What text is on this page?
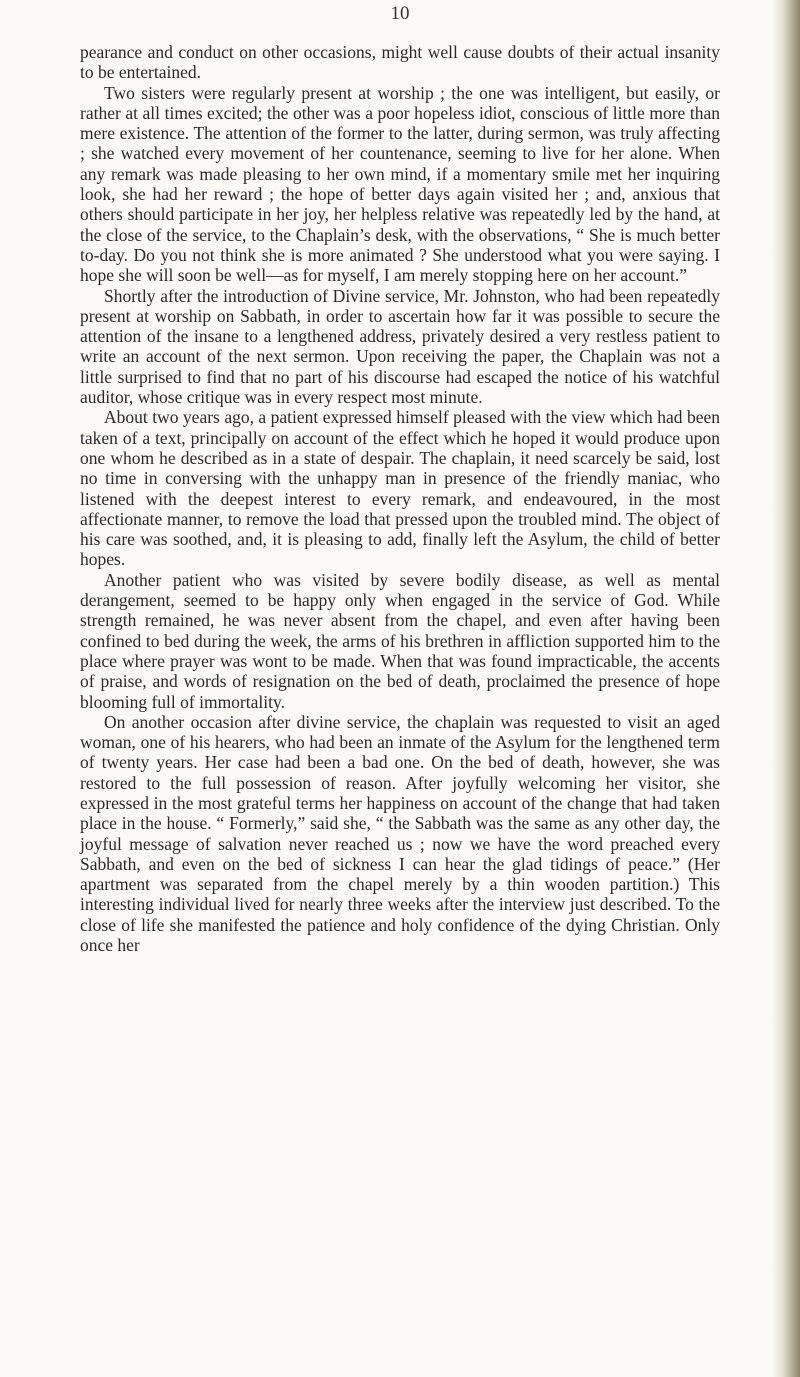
10

pearance and conduct on other occasions, might well cause doubts of their actual insanity to be entertained.

Two sisters were regularly present at worship ; the one was intelligent, but easily, or rather at all times excited; the other was a poor hopeless idiot, conscious of little more than mere existence. The attention of the former to the latter, during sermon, was truly affecting ; she watched every movement of her countenance, seeming to live for her alone. When any remark was made pleasing to her own mind, if a momentary smile met her inquiring look, she had her reward ; the hope of better days again visited her ; and, anxious that others should participate in her joy, her helpless relative was repeatedly led by the hand, at the close of the service, to the Chaplain’s desk, with the observations, “ She is much better to-day. Do you not think she is more animated ? She understood what you were saying. I hope she will soon be well—as for myself, I am merely stopping here on her account.”

Shortly after the introduction of Divine service, Mr. Johnston, who had been repeatedly present at worship on Sabbath, in order to ascertain how far it was possible to secure the attention of the insane to a lengthened address, privately desired a very restless patient to write an account of the next sermon. Upon receiving the paper, the Chaplain was not a little surprised to find that no part of his discourse had escaped the notice of his watchful auditor, whose critique was in every respect most minute.

About two years ago, a patient expressed himself pleased with the view which had been taken of a text, principally on account of the effect which he hoped it would produce upon one whom he described as in a state of despair. The chaplain, it need scarcely be said, lost no time in conversing with the unhappy man in presence of the friendly maniac, who listened with the deepest interest to every remark, and endeavoured, in the most affectionate manner, to remove the load that pressed upon the troubled mind. The object of his care was soothed, and, it is pleasing to add, finally left the Asylum, the child of better hopes.

Another patient who was visited by severe bodily disease, as well as mental derangement, seemed to be happy only when engaged in the service of God. While strength remained, he was never absent from the chapel, and even after having been confined to bed during the week, the arms of his brethren in affliction supported him to the place where prayer was wont to be made. When that was found impracticable, the accents of praise, and words of resignation on the bed of death, proclaimed the presence of hope blooming full of immortality.

On another occasion after divine service, the chaplain was requested to visit an aged woman, one of his hearers, who had been an inmate of the Asylum for the lengthened term of twenty years. Her case had been a bad one. On the bed of death, however, she was restored to the full possession of reason. After joyfully welcoming her visitor, she expressed in the most grateful terms her happiness on account of the change that had taken place in the house. “ Formerly,” said she, “ the Sabbath was the same as any other day, the joyful message of salvation never reached us ; now we have the word preached every Sabbath, and even on the bed of sickness I can hear the glad tidings of peace.” (Her apartment was separated from the chapel merely by a thin wooden partition.) This interesting individual lived for nearly three weeks after the interview just described. To the close of life she manifested the patience and holy confidence of the dying Christian. Only once her
